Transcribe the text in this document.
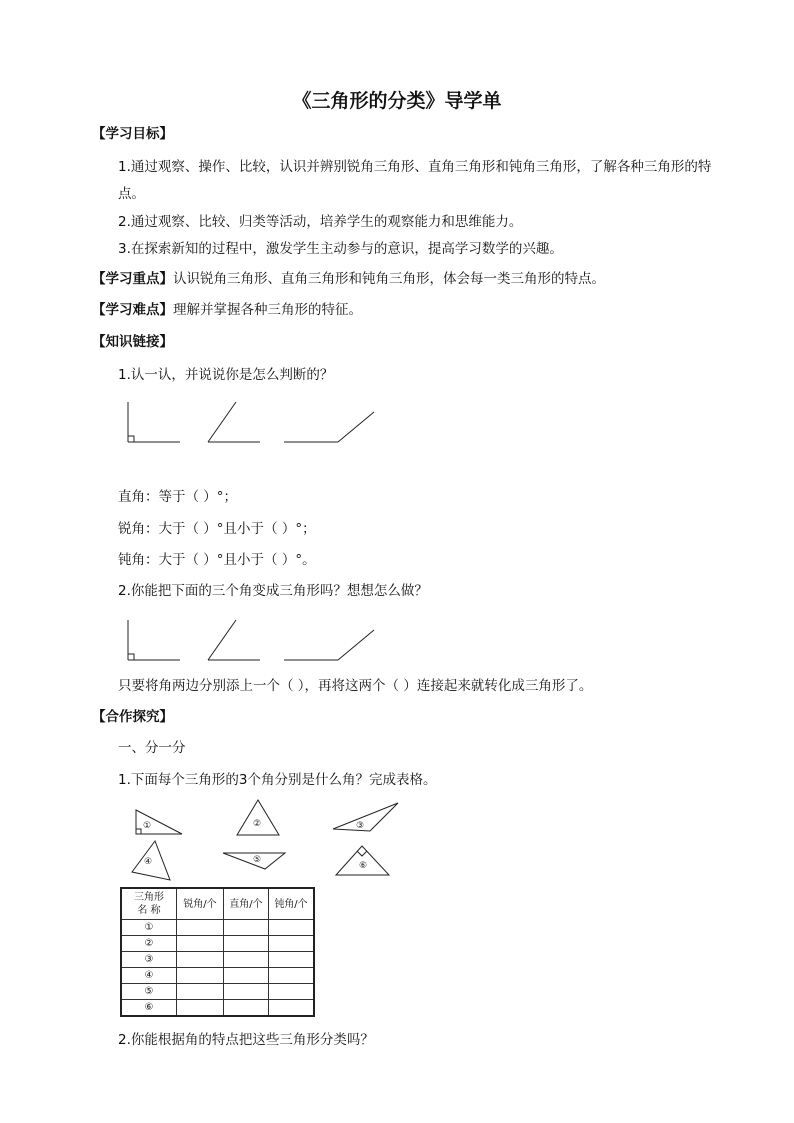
《三角形的分类》导学单
【学习目标】
1.通过观察、操作、比较，认识并辨别锐角三角形、直角三角形和钝角三角形，了解各种三角形的特
点。
2.通过观察、比较、归类等活动，培养学生的观察能力和思维能力。
3.在探索新知的过程中，激发学生主动参与的意识，提高学习数学的兴趣。
【学习重点】认识锐角三角形、直角三角形和钝角三角形，体会每一类三角形的特点。
【学习难点】理解并掌握各种三角形的特征。
【知识链接】
1.认一认，并说说你是怎么判断的？
直角：等于（ ）°；
锐角：大于（ ）°且小于（ ）°；
钝角：大于（ ）°且小于（ ）°。
2.你能把下面的三个角变成三角形吗？想想怎么做？
只要将角两边分别添上一个（ ），再将这两个（ ）连接起来就转化成三角形了。
【合作探究】
一、分一分
1.下面每个三角形的3个角分别是什么角？完成表格。
①	②	③
④	⑤
⑥
三角形
名 称	锐角/个	直角/个	钝角/个
①			
②			
③			
④			
⑤			
⑥			
2.你能根据角的特点把这些三角形分类吗？
